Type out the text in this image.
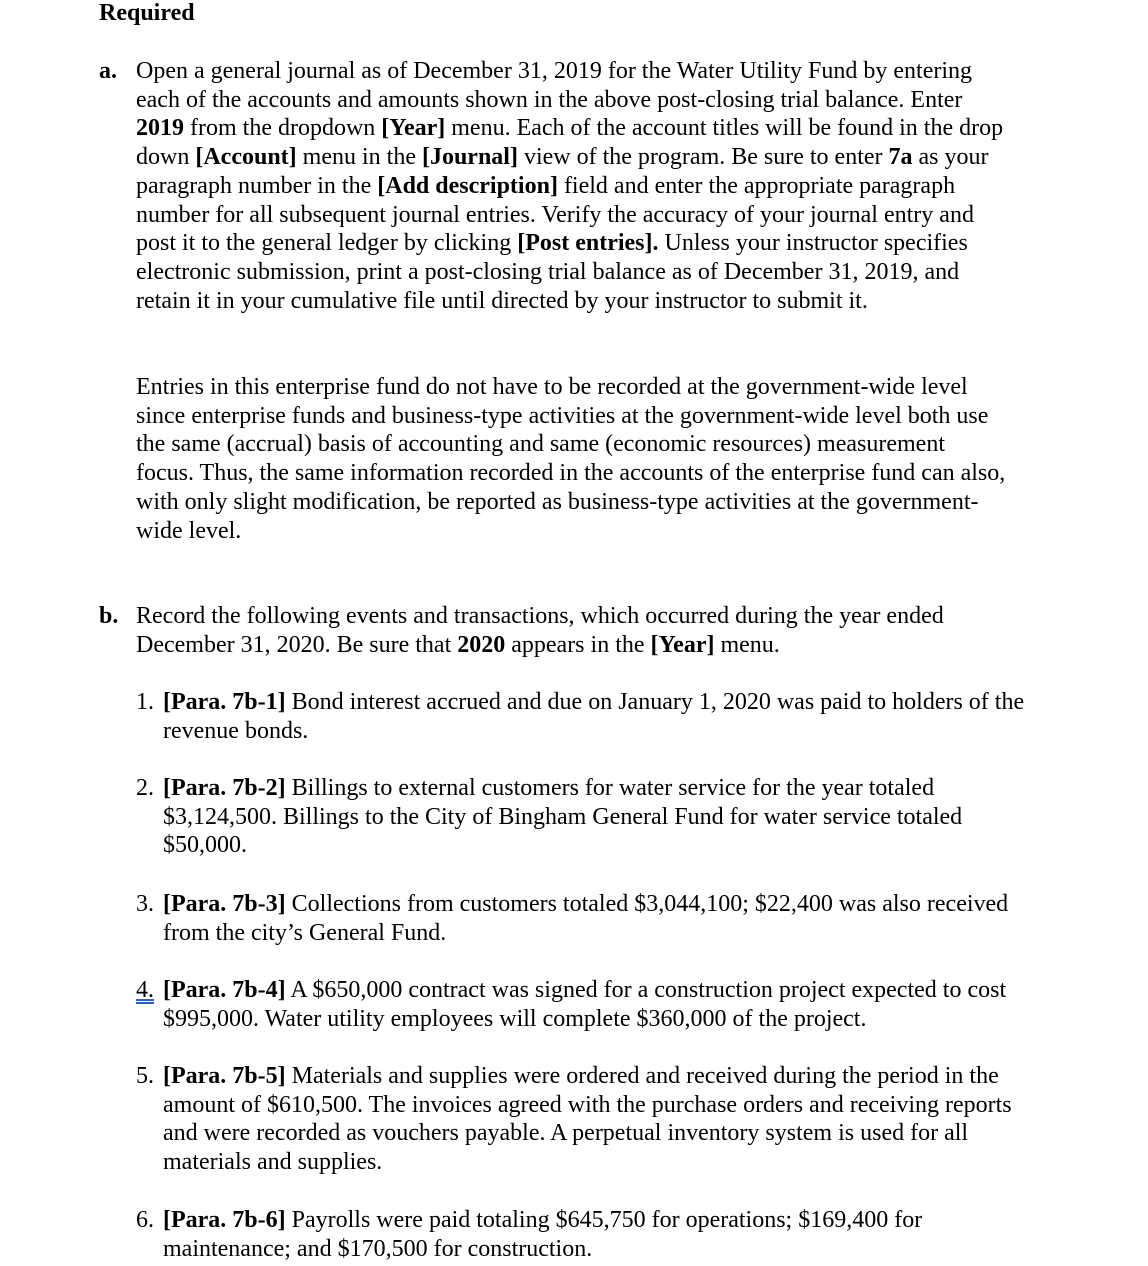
Required
a. Open a general journal as of December 31, 2019 for the Water Utility Fund by entering each of the accounts and amounts shown in the above post-closing trial balance. Enter 2019 from the dropdown [Year] menu. Each of the account titles will be found in the drop down [Account] menu in the [Journal] view of the program. Be sure to enter 7a as your paragraph number in the [Add description] field and enter the appropriate paragraph number for all subsequent journal entries. Verify the accuracy of your journal entry and post it to the general ledger by clicking [Post entries]. Unless your instructor specifies electronic submission, print a post-closing trial balance as of December 31, 2019, and retain it in your cumulative file until directed by your instructor to submit it.

Entries in this enterprise fund do not have to be recorded at the government-wide level since enterprise funds and business-type activities at the government-wide level both use the same (accrual) basis of accounting and same (economic resources) measurement focus. Thus, the same information recorded in the accounts of the enterprise fund can also, with only slight modification, be reported as business-type activities at the government-wide level.

b. Record the following events and transactions, which occurred during the year ended December 31, 2020. Be sure that 2020 appears in the [Year] menu.

1. [Para. 7b-1] Bond interest accrued and due on January 1, 2020 was paid to holders of the revenue bonds.
2. [Para. 7b-2] Billings to external customers for water service for the year totaled $3,124,500. Billings to the City of Bingham General Fund for water service totaled $50,000.
3. [Para. 7b-3] Collections from customers totaled $3,044,100; $22,400 was also received from the city’s General Fund.
4. [Para. 7b-4] A $650,000 contract was signed for a construction project expected to cost $995,000. Water utility employees will complete $360,000 of the project.
5. [Para. 7b-5] Materials and supplies were ordered and received during the period in the amount of $610,500. The invoices agreed with the purchase orders and receiving reports and were recorded as vouchers payable. A perpetual inventory system is used for all materials and supplies.
6. [Para. 7b-6] Payrolls were paid totaling $645,750 for operations; $169,400 for maintenance; and $170,500 for construction.
